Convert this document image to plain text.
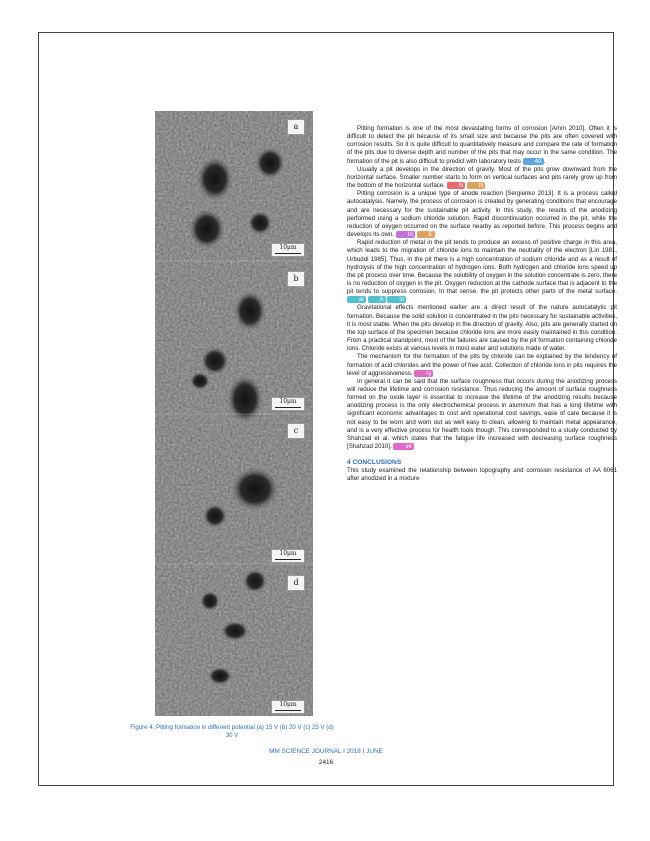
a
10μm
b
10μm
c
10μm
d
10μm
Figure 4. Pitting formation in different potential (a) 15 V (b) 20 V (c) 25 V (d) 30 V

Pitting formation is one of the most devastating forms of corrosion [Amin 2010]. Often it is difficult to detect the pit because of its small size and because the pits are often covered with corrosion results. So it is quite difficult to quantitatively measure and compare the rate of formation of the pits due to diverse depth and number of the pits that may occur in the same condition. The formation of the pit is also difficult to predict with laboratory tests 40 .

Usually a pit develops in the direction of gravity. Most of the pits grow downward from the horizontal surface. Smaller number starts to form on vertical surfaces and pits rarely grow up from the bottom of the horizontal surface. N	N

Pitting corrosion is a unique type of anode reaction [Sergienko 2013]. It is a process called autocatalysis. Namely, the process of corrosion is created by generating conditions that encourage and are necessary for the sustainable pit activity. In this study, the results of the anodizing performed using a sodium chloride solution. Rapid discontinuation occurred in the pit, while the reduction of oxygen occurred on the surface nearby as reported before. This process begins and develops its own. In	E

Rapid reduction of metal in the pit tends to produce an excess of positive charge in this area, which leads to the migration of chloride ions to maintain the neutrality of the electron [Lin 1981, Urbuddi 1985]. Thus, in the pit there is a high concentration of sodium chloride and as a result of hydrolysis of the high concentration of hydrogen ions. Both hydrogen and chloride ions speed up the pit process over time. Because the solubility of oxygen in the solution concentrate is zero, there is no reduction of oxygen in the pit. Oxygen reduction at the cathode surface that is adjacent to the pit tends to suppress corrosion. In that sense, the pit protects other parts of the metal surface. ai	A	in

Gravitational effects mentioned earlier are a direct result of the nature autocatalytic pit formation. Because the solid solution is concentrated in the pits necessary for sustainable activities, it is most stable. When the pits develop in the direction of gravity. Also, pits are generally started on the top surface of the specimen because chloride ions are more easily maintained in this condition. From a practical standpoint, most of the failures are caused by the pit formation containing chloride ions. Chloride exists at various levels in most water and solutions made of water.

The mechanism for the formation of the pits by chloride can be explained by the tendency of formation of acid chlorides and the power of free acid. Collection of chloride ions in pits requires the level of aggressiveness. ry

In general it can be said that the surface roughness that occurs during the anodizing process will reduce the lifetime and corrosion resistance. Thus reducing the amount of surface roughness formed on the oxide layer is essential to increase the lifetime of the anodizing results because anodizing process is the only electrochemical process in aluminum that has a long lifetime with significant economic advantages to cost and operational cost savings, ease of care because it is not easy to be worn and worn out as well easy to clean, allowing to maintain metal appearance, and is a very effective process for health tools though. This corresponded to a study conducted by Shahzad et al. which states that the fatigue life increased with decreasing surface roughness [Shahzad 2010]. ve

4 CONCLUSIONS

This study examined the relationship between topography and corrosion resistance of AA 6061 after anodized in a mixture

MM SCIENCE JOURNAL I 2018 I JUNE
2416
